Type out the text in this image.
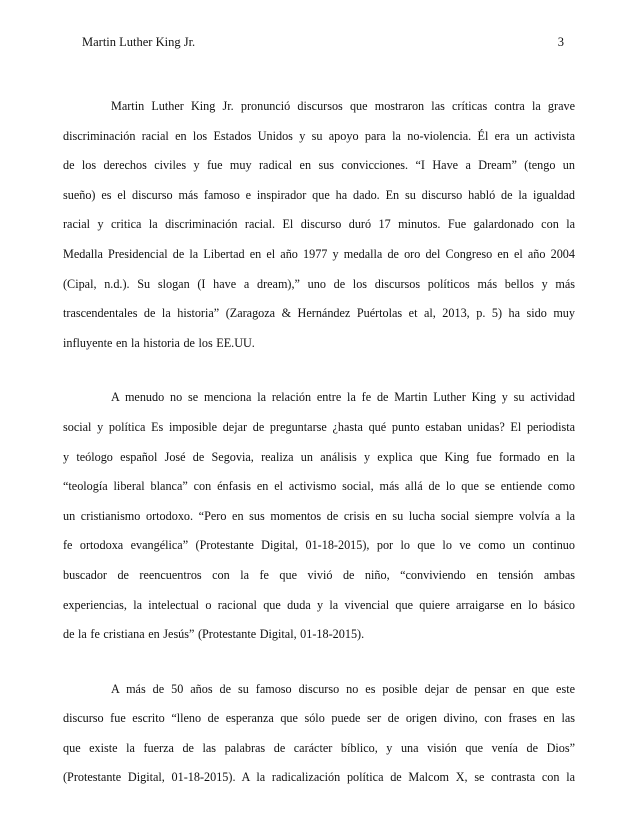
Martin Luther King Jr.	3
Martin Luther King Jr. pronunció discursos que mostraron las críticas contra la grave
discriminación racial en los Estados Unidos y su apoyo para la no-violencia. Él era un activista
de los derechos civiles y fue muy radical en sus convicciones. “I Have a Dream” (tengo un
sueño) es el discurso más famoso e inspirador que ha dado. En su discurso habló de la igualdad
racial y critica la discriminación racial. El discurso duró 17 minutos. Fue galardonado con la
Medalla Presidencial de la Libertad en el año 1977 y medalla de oro del Congreso en el año 2004
(Cipal, n.d.). Su slogan (I have a dream),” uno de los discursos políticos más bellos y más
trascendentales de la historia” (Zaragoza & Hernández Puértolas et al, 2013, p. 5) ha sido muy
influyente en la historia de los EE.UU.
A menudo no se menciona la relación entre la fe de Martin Luther King y su actividad
social y política Es imposible dejar de preguntarse ¿hasta qué punto estaban unidas? El periodista
y teólogo español José de Segovia, realiza un análisis y explica que King fue formado en la
“teología liberal blanca” con énfasis en el activismo social, más allá de lo que se entiende como
un cristianismo ortodoxo. “Pero en sus momentos de crisis en su lucha social siempre volvía a la
fe ortodoxa evangélica” (Protestante Digital, 01-18-2015), por lo que lo ve como un continuo
buscador de reencuentros con la fe que vivió de niño, “conviviendo en tensión ambas
experiencias, la intelectual o racional que duda y la vivencial que quiere arraigarse en lo básico
de la fe cristiana en Jesús” (Protestante Digital, 01-18-2015).
A más de 50 años de su famoso discurso no es posible dejar de pensar en que este
discurso fue escrito “lleno de esperanza que sólo puede ser de origen divino, con frases en las
que existe la fuerza de las palabras de carácter bíblico, y una visión que venía de Dios”
(Protestante Digital, 01-18-2015). A la radicalización política de Malcom X, se contrasta con la
